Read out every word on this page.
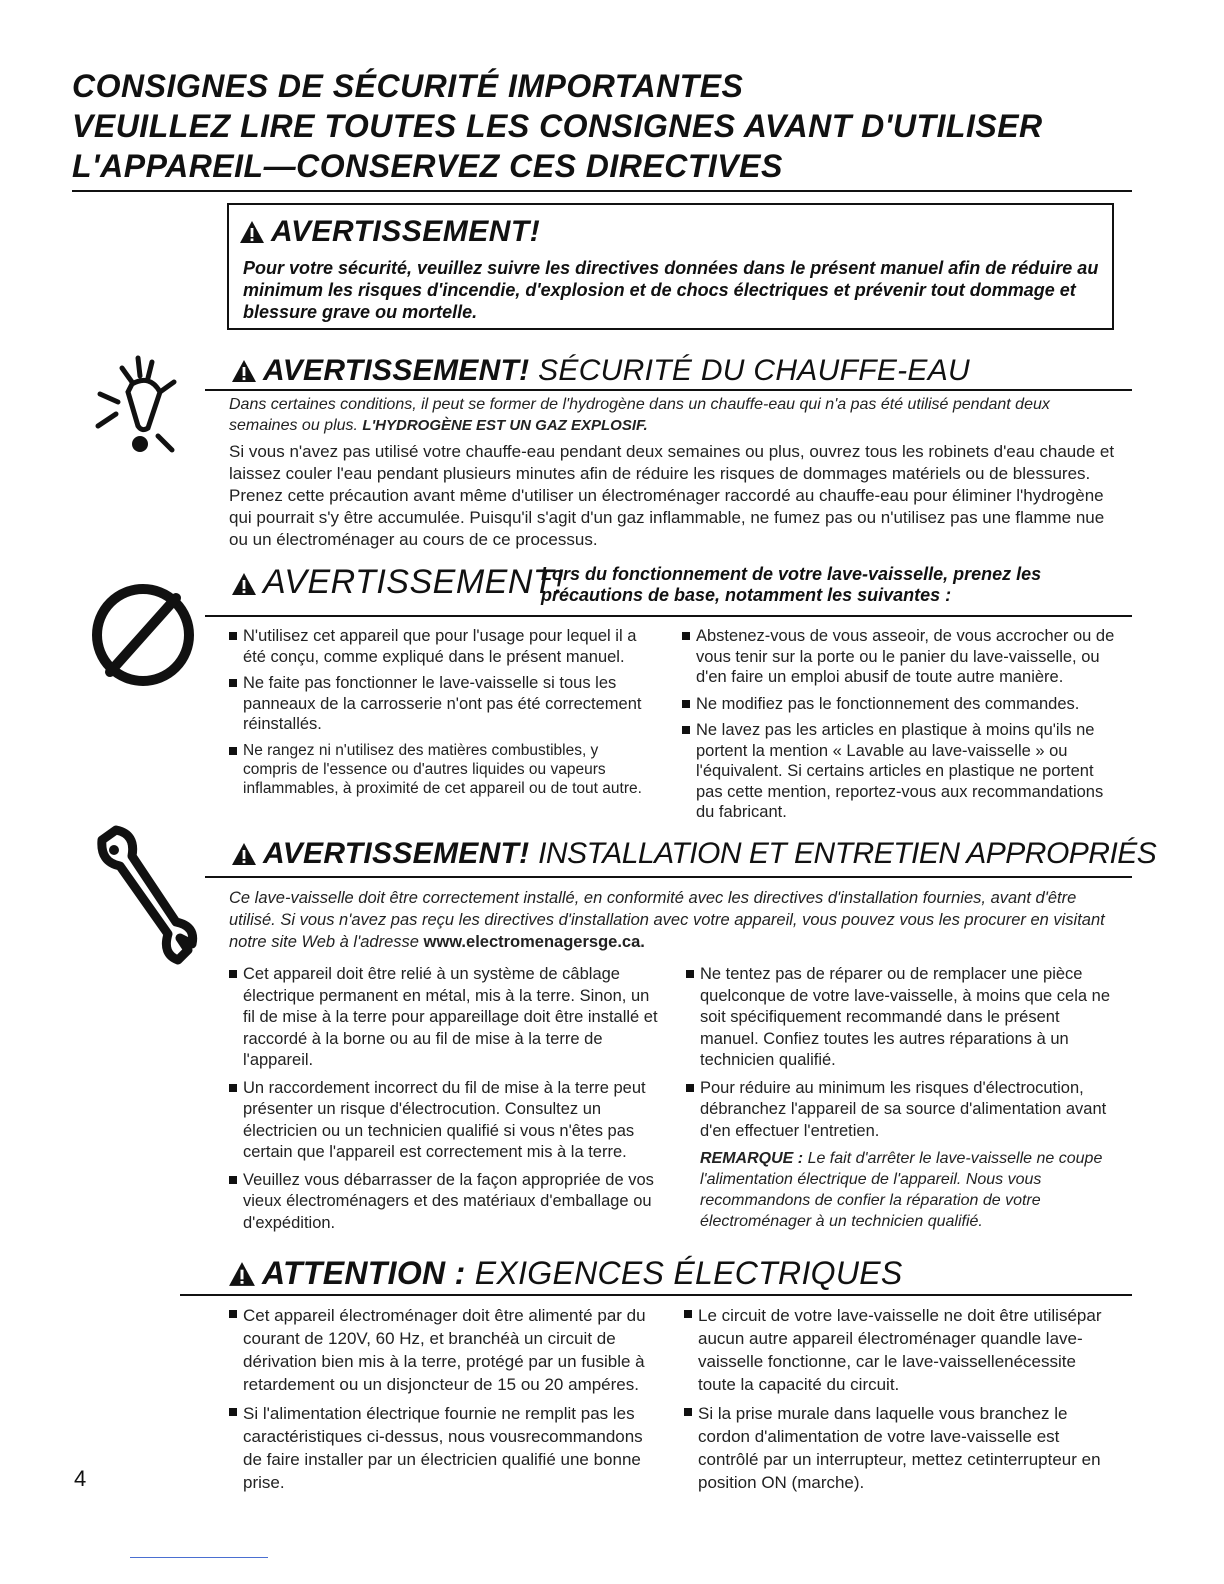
CONSIGNES DE SÉCURITÉ IMPORTANTES
VEUILLEZ LIRE TOUTES LES CONSIGNES AVANT D'UTILISER
L'APPAREIL—CONSERVEZ CES DIRECTIVES
AVERTISSEMENT!
Pour votre sécurité, veuillez suivre les directives données dans le présent manuel afin de réduire au minimum les risques d'incendie, d'explosion et de chocs électriques et prévenir tout dommage et blessure grave ou mortelle.
AVERTISSEMENT! SÉCURITÉ DU CHAUFFE-EAU
Dans certaines conditions, il peut se former de l'hydrogène dans un chauffe-eau qui n'a pas été utilisé pendant deux semaines ou plus. L'HYDROGÈNE EST UN GAZ EXPLOSIF.
Si vous n'avez pas utilisé votre chauffe-eau pendant deux semaines ou plus, ouvrez tous les robinets d'eau chaude et laissez couler l'eau pendant plusieurs minutes afin de réduire les risques de dommages matériels ou de blessures. Prenez cette précaution avant même d'utiliser un électroménager raccordé au chauffe-eau pour éliminer l'hydrogène qui pourrait s'y être accumulée. Puisqu'il s'agit d'un gaz inflammable, ne fumez pas ou n'utilisez pas une flamme nue ou un électroménager au cours de ce processus.
AVERTISSEMENT!
Lors du fonctionnement de votre lave-vaisselle, prenez les
précautions de base, notamment les suivantes :

N'utilisez cet appareil que pour l'usage pour lequel il a été conçu, comme expliqué dans le présent manuel.

Ne faite pas fonctionner le lave-vaisselle si tous les panneaux de la carrosserie n'ont pas été correctement réinstallés.

Ne rangez ni n'utilisez des matières combustibles, y compris de l'essence ou d'autres liquides ou vapeurs inflammables, à proximité de cet appareil ou de tout autre.

Abstenez-vous de vous asseoir, de vous accrocher ou de vous tenir sur la porte ou le panier du lave-vaisselle, ou d'en faire un emploi abusif de toute autre manière.

Ne modifiez pas le fonctionnement des commandes.

Ne lavez pas les articles en plastique à moins qu'ils ne portent la mention « Lavable au lave-vaisselle » ou l'équivalent. Si certains articles en plastique ne portent pas cette mention, reportez-vous aux recommandations du fabricant.

AVERTISSEMENT! INSTALLATION ET ENTRETIEN APPROPRIÉS
Ce lave-vaisselle doit être correctement installé, en conformité avec les directives d'installation fournies, avant d'être utilisé. Si vous n'avez pas reçu les directives d'installation avec votre appareil, vous pouvez vous les procurer en visitant notre site Web à l'adresse www.electromenagersge.ca.

Cet appareil doit être relié à un système de câblage électrique permanent en métal, mis à la terre. Sinon, un fil de mise à la terre pour appareillage doit être installé et raccordé à la borne ou au fil de mise à la terre de l'appareil.

Un raccordement incorrect du fil de mise à la terre peut présenter un risque d'électrocution. Consultez un électricien ou un technicien qualifié si vous n'êtes pas certain que l'appareil est correctement mis à la terre.

Veuillez vous débarrasser de la façon appropriée de vos vieux électroménagers et des matériaux d'emballage ou d'expédition.

Ne tentez pas de réparer ou de remplacer une pièce quelconque de votre lave-vaisselle, à moins que cela ne soit spécifiquement recommandé dans le présent manuel. Confiez toutes les autres réparations à un technicien qualifié.

Pour réduire au minimum les risques d'électrocution, débranchez l'appareil de sa source d'alimentation avant d'en effectuer l'entretien.

REMARQUE : Le fait d'arrêter le lave-vaisselle ne coupe l'alimentation électrique de l'appareil. Nous vous recommandons de confier la réparation de votre électroménager à un technicien qualifié.
ATTENTION : EXIGENCES ÉLECTRIQUES

Cet appareil électroménager doit être alimenté par du courant de 120V, 60 Hz, et branchéà un circuit de dérivation bien mis à la terre, protégé par un fusible à retardement ou un disjoncteur de 15 ou 20 ampéres.

Si l'alimentation électrique fournie ne remplit pas les caractéristiques ci-dessus, nous vousrecommandons de faire installer par un électricien qualifié une bonne prise.

Le circuit de votre lave-vaisselle ne doit être utilisépar aucun autre appareil électroménager quandle lave-vaisselle fonctionne, car le lave-vaissellenécessite toute la capacité du circuit.

Si la prise murale dans laquelle vous branchez le cordon d'alimentation de votre lave-vaisselle est contrôlé par un interrupteur, mettez cetinterrupteur en position ON (marche).

4
